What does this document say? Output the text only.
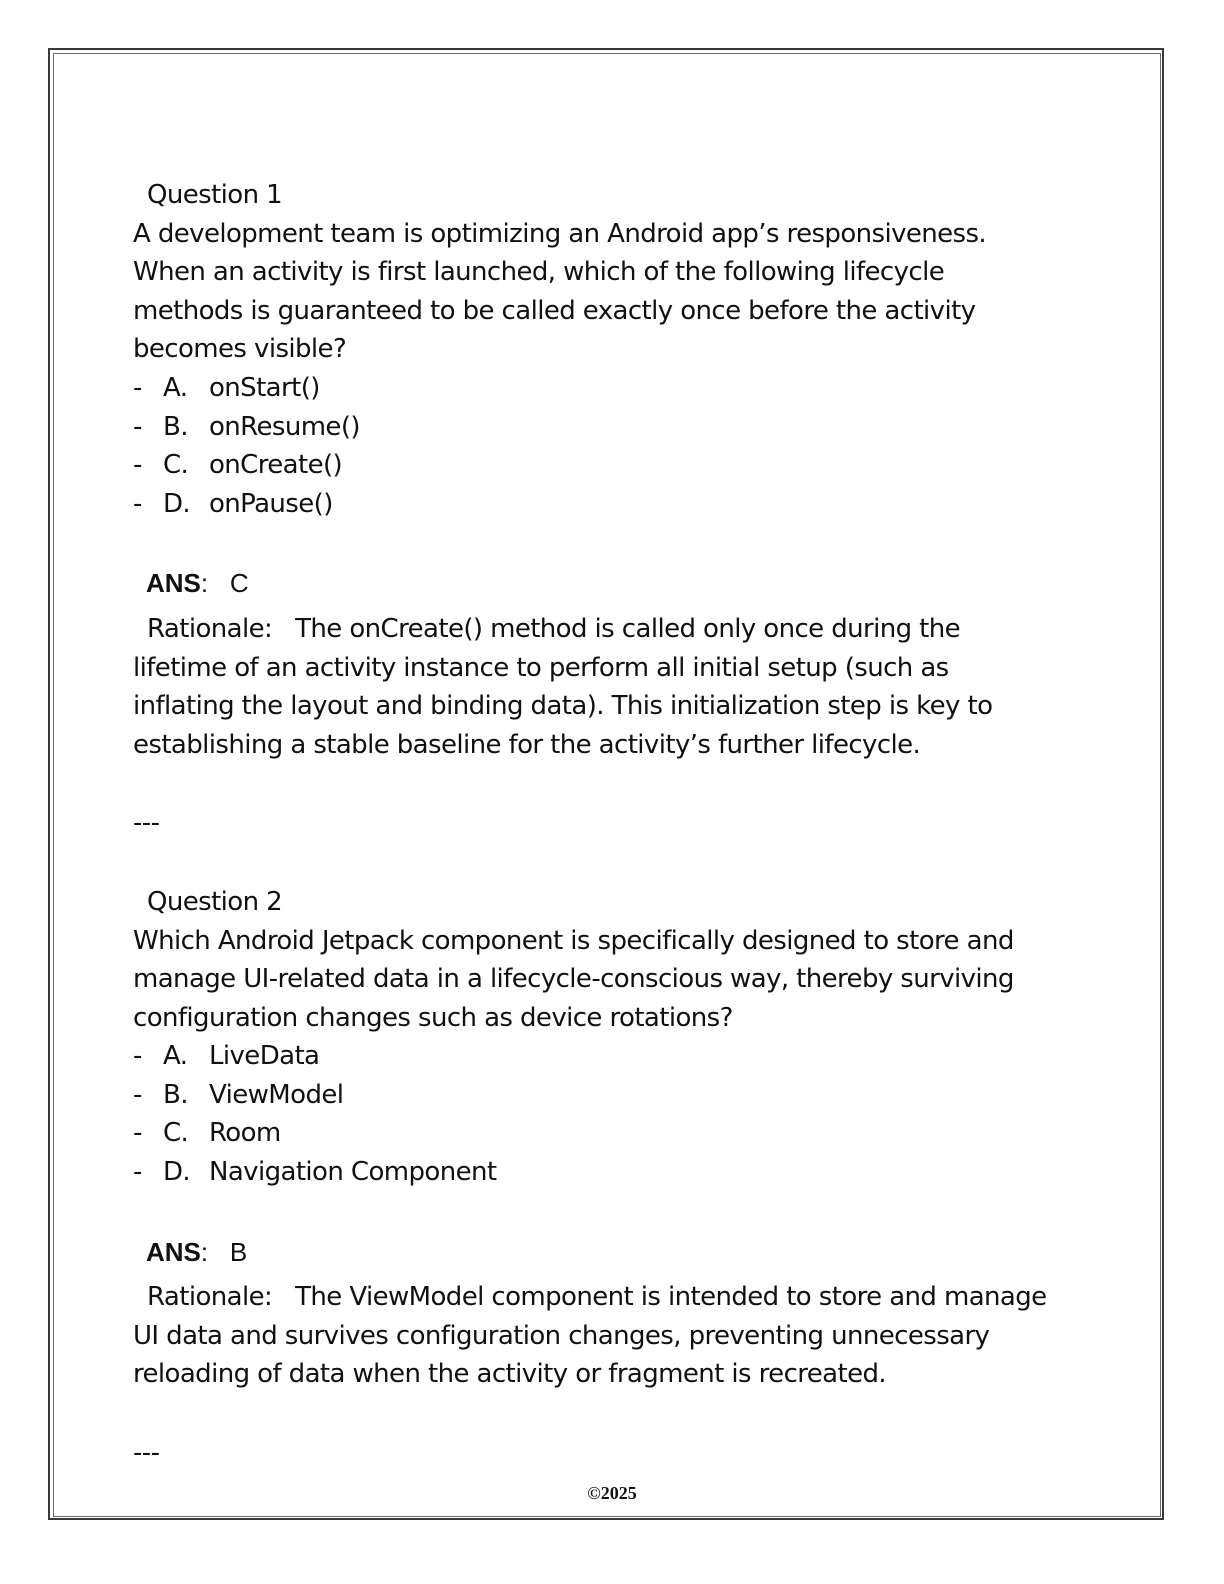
Question 1
A development team is optimizing an Android app’s responsiveness.
When an activity is first launched, which of the following lifecycle
methods is guaranteed to be called exactly once before the activity
becomes visible?
- A. onStart()
- B. onResume()
- C. onCreate()
- D. onPause()
ANS:   C
Rationale:   The onCreate() method is called only once during the
lifetime of an activity instance to perform all initial setup (such as
inflating the layout and binding data). This initialization step is key to
establishing a stable baseline for the activity’s further lifecycle.
---
Question 2
Which Android Jetpack component is specifically designed to store and
manage UI-related data in a lifecycle-conscious way, thereby surviving
configuration changes such as device rotations?
- A. LiveData
- B. ViewModel
- C. Room
- D. Navigation Component
ANS:   B
Rationale:   The ViewModel component is intended to store and manage
UI data and survives configuration changes, preventing unnecessary
reloading of data when the activity or fragment is recreated.
---
©2025
